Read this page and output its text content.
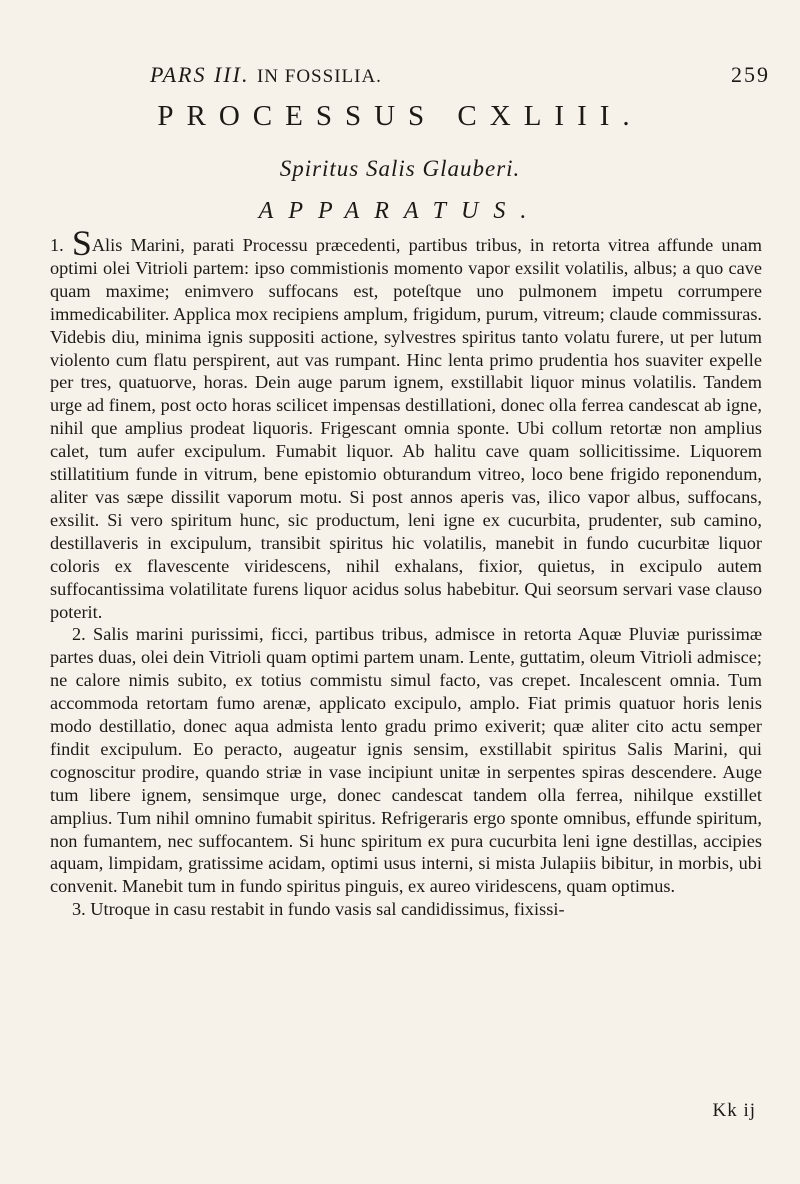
PARS III. IN FOSSILIA.	259
PROCESSUS CXLIII.
Spiritus Salis Glauberi.
APPARATUS.

1. SAlis Marini, parati Processu præcedenti, partibus tribus, in retorta vitrea affunde unam optimi olei Vitrioli partem: ipso commistionis momento vapor exsilit volatilis, albus; a quo cave quam maxime; enimvero suffocans est, poteſtque uno pulmonem impetu corrumpere immedicabiliter. Applica mox recipiens amplum, frigidum, purum, vitreum; claude commissuras. Videbis diu, minima ignis suppositi actione, sylvestres spiritus tanto volatu furere, ut per lutum violento cum flatu perspirent, aut vas rumpant. Hinc lenta primo prudentia hos suaviter expelle per tres, quatuorve, horas. Dein auge parum ignem, exstillabit liquor minus volatilis. Tandem urge ad finem, post octo horas scilicet impensas destillationi, donec olla ferrea candescat ab igne, nihil que amplius prodeat liquoris. Frigescant omnia sponte. Ubi collum retortæ non amplius calet, tum aufer excipulum. Fumabit liquor. Ab halitu cave quam sollicitissime. Liquorem stillatitium funde in vitrum, bene epistomio obturandum vitreo, loco bene frigido reponendum, aliter vas sæpe dissilit vaporum motu. Si post annos aperis vas, ilico vapor albus, suffocans, exsilit. Si vero spiritum hunc, sic productum, leni igne ex cucurbita, prudenter, sub camino, destillaveris in excipulum, transibit spiritus hic volatilis, manebit in fundo cucurbitæ liquor coloris ex flavescente viridescens, nihil exhalans, fixior, quietus, in excipulo autem suffocantissima volatilitate furens liquor acidus solus habebitur. Qui seorsum servari vase clauso poterit.

2. Salis marini purissimi, ficci, partibus tribus, admisce in retorta Aquæ Pluviæ purissimæ partes duas, olei dein Vitrioli quam optimi partem unam. Lente, guttatim, oleum Vitrioli admisce; ne calore nimis subito, ex totius commistu simul facto, vas crepet. Incalescent omnia. Tum accommoda retortam fumo arenæ, applicato excipulo, amplo. Fiat primis quatuor horis lenis modo destillatio, donec aqua admista lento gradu primo exiverit; quæ aliter cito actu semper findit excipulum. Eo peracto, augeatur ignis sensim, exstillabit spiritus Salis Marini, qui cognoscitur prodire, quando striæ in vase incipiunt unitæ in serpentes spiras descendere. Auge tum libere ignem, sensimque urge, donec candescat tandem olla ferrea, nihilque exstillet amplius. Tum nihil omnino fumabit spiritus. Refrigeraris ergo sponte omnibus, effunde spiritum, non fumantem, nec suffocantem. Si hunc spiritum ex pura cucurbita leni igne destillas, accipies aquam, limpidam, gratissime acidam, optimi usus interni, si mista Julapiis bibitur, in morbis, ubi convenit. Manebit tum in fundo spiritus pinguis, ex aureo viridescens, quam optimus.

3. Utroque in casu restabit in fundo vasis sal candidissimus, fixissi-

Kk ij
